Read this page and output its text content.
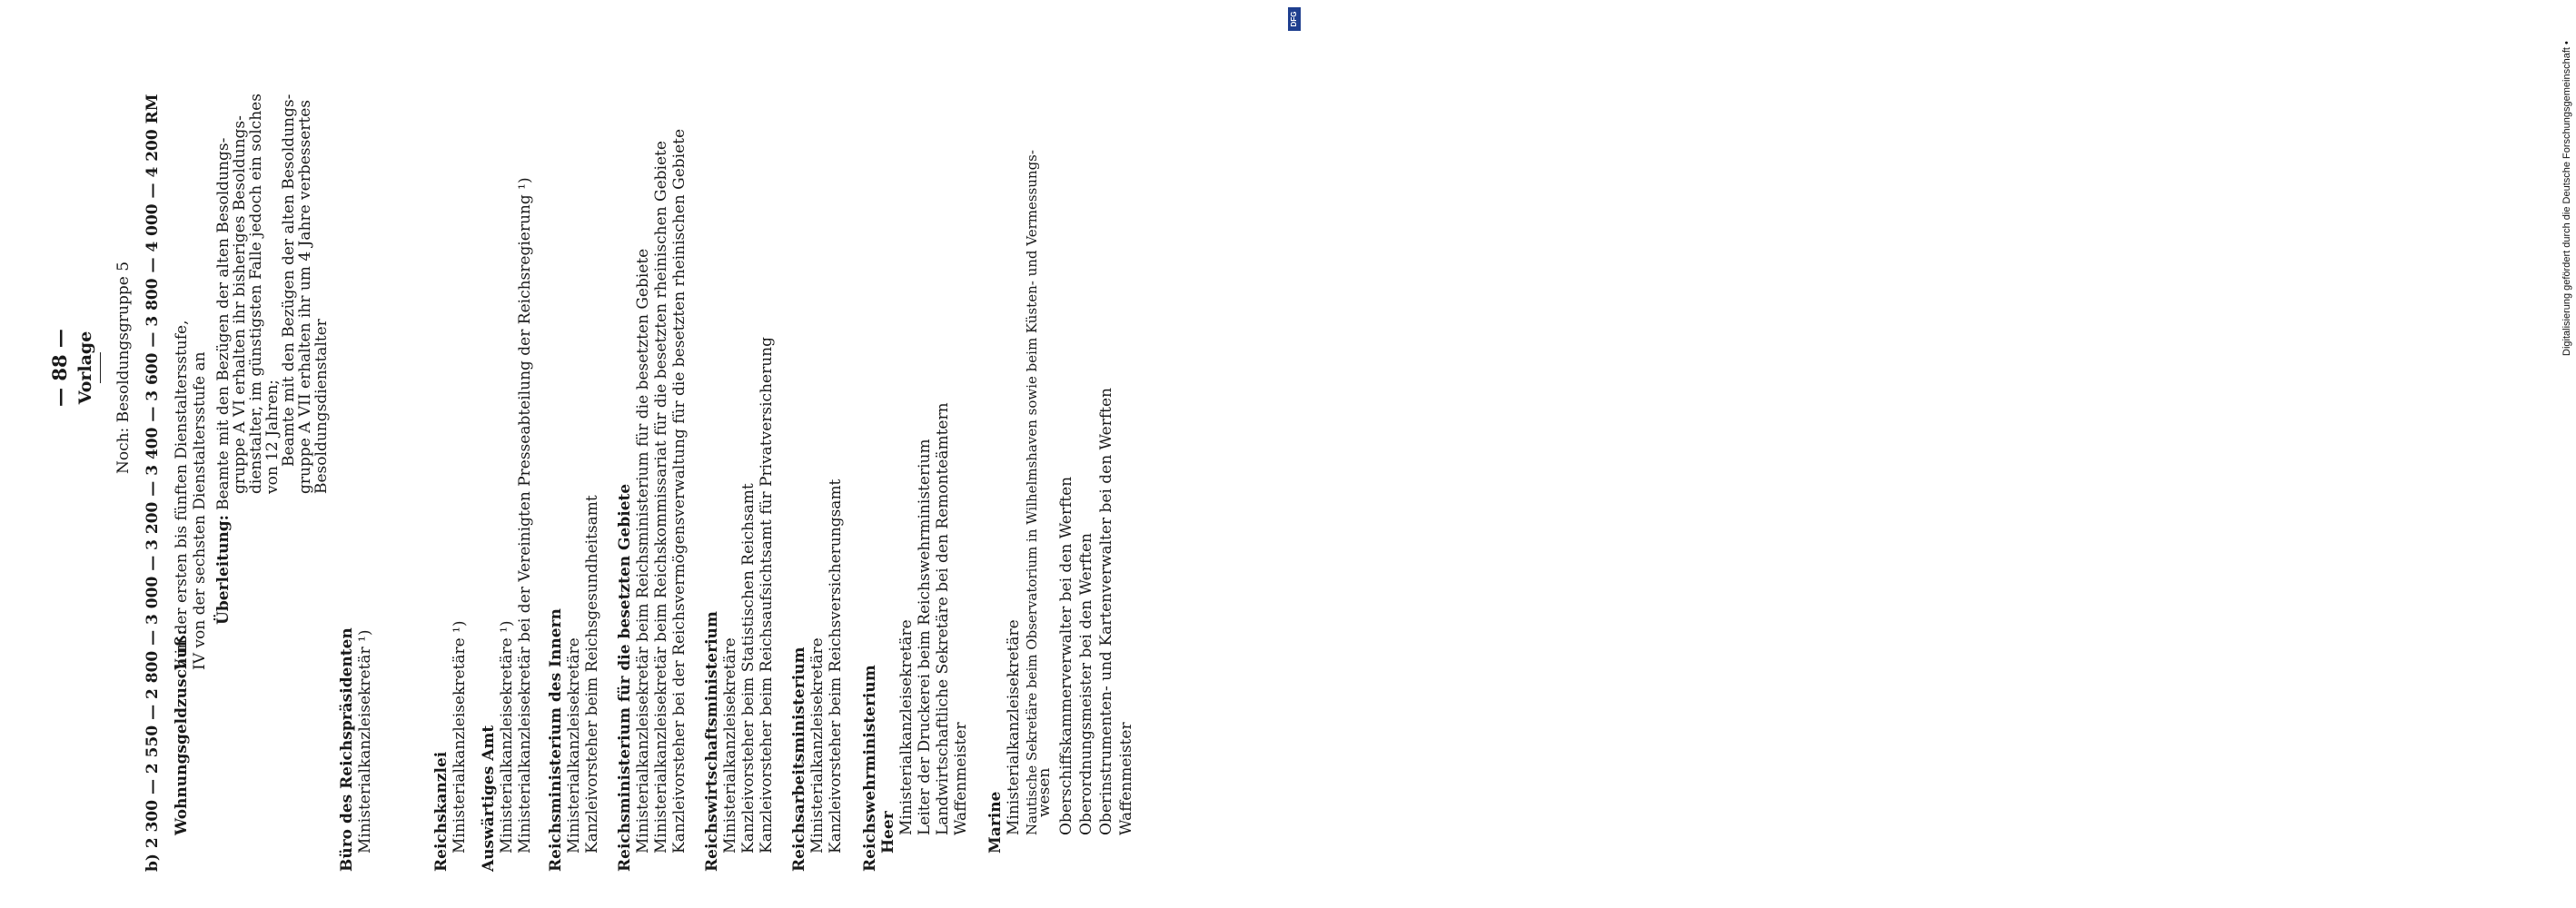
— 88 — Vorlage Noch: Besoldungsgruppe 5 b) 2 300 — 2 550 — 2 800 — 3 000 — 3 200 — 3 400 — 3 600 — 3 800 — 4 000 — 4 200 RM Wohnungsgeldzuschuß:
V in der ersten bis fünften Dienstaltersstufe, IV von der sechsten Dienstaltersstufe an Überleitung:
Beamte mit den Bezügen der alten Besoldungs-
gruppe A VI erhalten ihr bisheriges Besoldungs-
dienstalter, im günstigsten Falle jedoch ein solches
von 12 Jahren;
Beamte mit den Bezügen der alten Besoldungs-
gruppe A VII erhalten ihr um 4 Jahre verbessertes
Besoldungsdienstalter
Büro des Reichspräsidenten Ministerialkanzleisekretär ¹)	Reichskanzlei Ministerialkanzleisekretäre ¹) Auswärtiges Amt Ministerialkanzleisekretäre ¹) Ministerialkanzleisekretär bei der Vereinigten Presseabteilung der Reichsregierung ¹) Reichsministerium des Innern Ministerialkanzleisekretäre Kanzleivorsteher beim Reichsgesundheitsamt Reichsministerium für die besetzten Gebiete Ministerialkanzleisekretär beim Reichsministerium für die besetzten Gebiete Ministerialkanzleisekretär beim Reichskommissariat für die besetzten rheinischen Gebiete Kanzleivorsteher bei der Reichsvermögensverwaltung für die besetzten rheinischen Gebiete Reichswirtschaftsministerium Ministerialkanzleisekretäre Kanzleivorsteher beim Statistischen Reichsamt Kanzleivorsteher beim Reichsaufsichtsamt für Privatversicherung Reichsarbeitsministerium Ministerialkanzleisekretäre Kanzleivorsteher beim Reichsversicherungsamt Reichswehrministerium Heer Ministerialkanzleisekretäre Leiter der Druckerei beim Reichswehrministerium Landwirtschaftliche Sekretäre bei den Remonteämtern Waffenmeister Marine Ministerialkanzleisekretäre Nautische Sekretäre beim Observatorium in Wilhelmshaven sowie beim Küsten- und Vermessungs-
wesen Oberschiffskammerverwalter bei den Werften Oberordnungsmeister bei den Werften Oberinstrumenten- und Kartenverwalter bei den Werften Waffenmeister
Digitalisierung gefördert durch die Deutsche Forschungsgemeinschaft •
DFG
